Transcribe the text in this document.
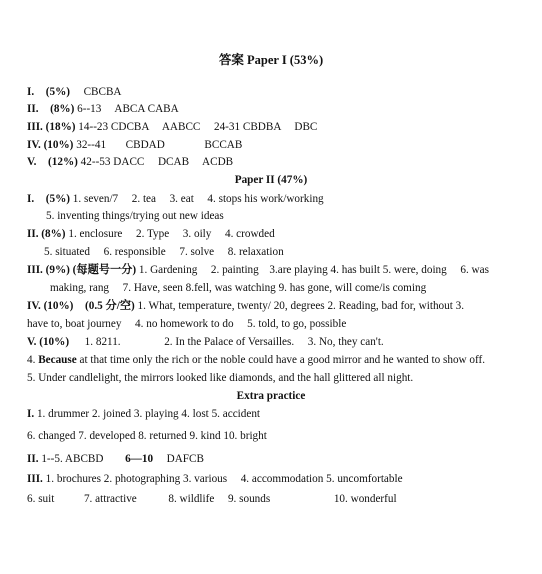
答案 Paper I (53%)
I. (5%) CBCBA
II. (8%) 6--13 ABCA CABA
III. (18%) 14--23 CDCBA AABCC 24-31 CBDBA DBC
IV. (10%) 32--41 CBDAD	BCCAB
V. (12%) 42--53 DACC DCAB ACDB
Paper II (47%)
I. (5%) 1. seven/7 2. tea 3. eat 4. stops his work/working
5. inventing things/trying out new ideas
II. (8%) 1. enclosure 2. Type 3. oily 4. crowded
5. situated 6. responsible 7. solve 8. relaxation
III. (9%) (每题号一分) 1. Gardening 2. painting 3.are playing 4. has built 5. were, doing 6. was
making, rang 7. Have, seen 8.fell, was watching 9. has gone, will come/is coming
IV. (10%) (0.5 分/空) 1. What, temperature, twenty/ 20, degrees 2. Reading, bad for, without 3.
have to, boat journey 4. no homework to do 5. told, to go, possible
V. (10%) 1. 8211.	2. In the Palace of Versailles. 3. No, they can't.
4. Because at that time only the rich or the noble could have a good mirror and he wanted to show off.
5. Under candlelight, the mirrors looked like diamonds, and the hall glittered all night.
Extra practice
I. 1. drummer 2. joined 3. playing 4. lost 5. accident
6. changed 7. developed 8. returned 9. kind 10. bright
II. 1--5. ABCBD 6—10 DAFCB
III. 1. brochures 2. photographing 3. various 4. accommodation 5. uncomfortable
6. suit	7. attractive	8. wildlife 9. sounds	10. wonderful
